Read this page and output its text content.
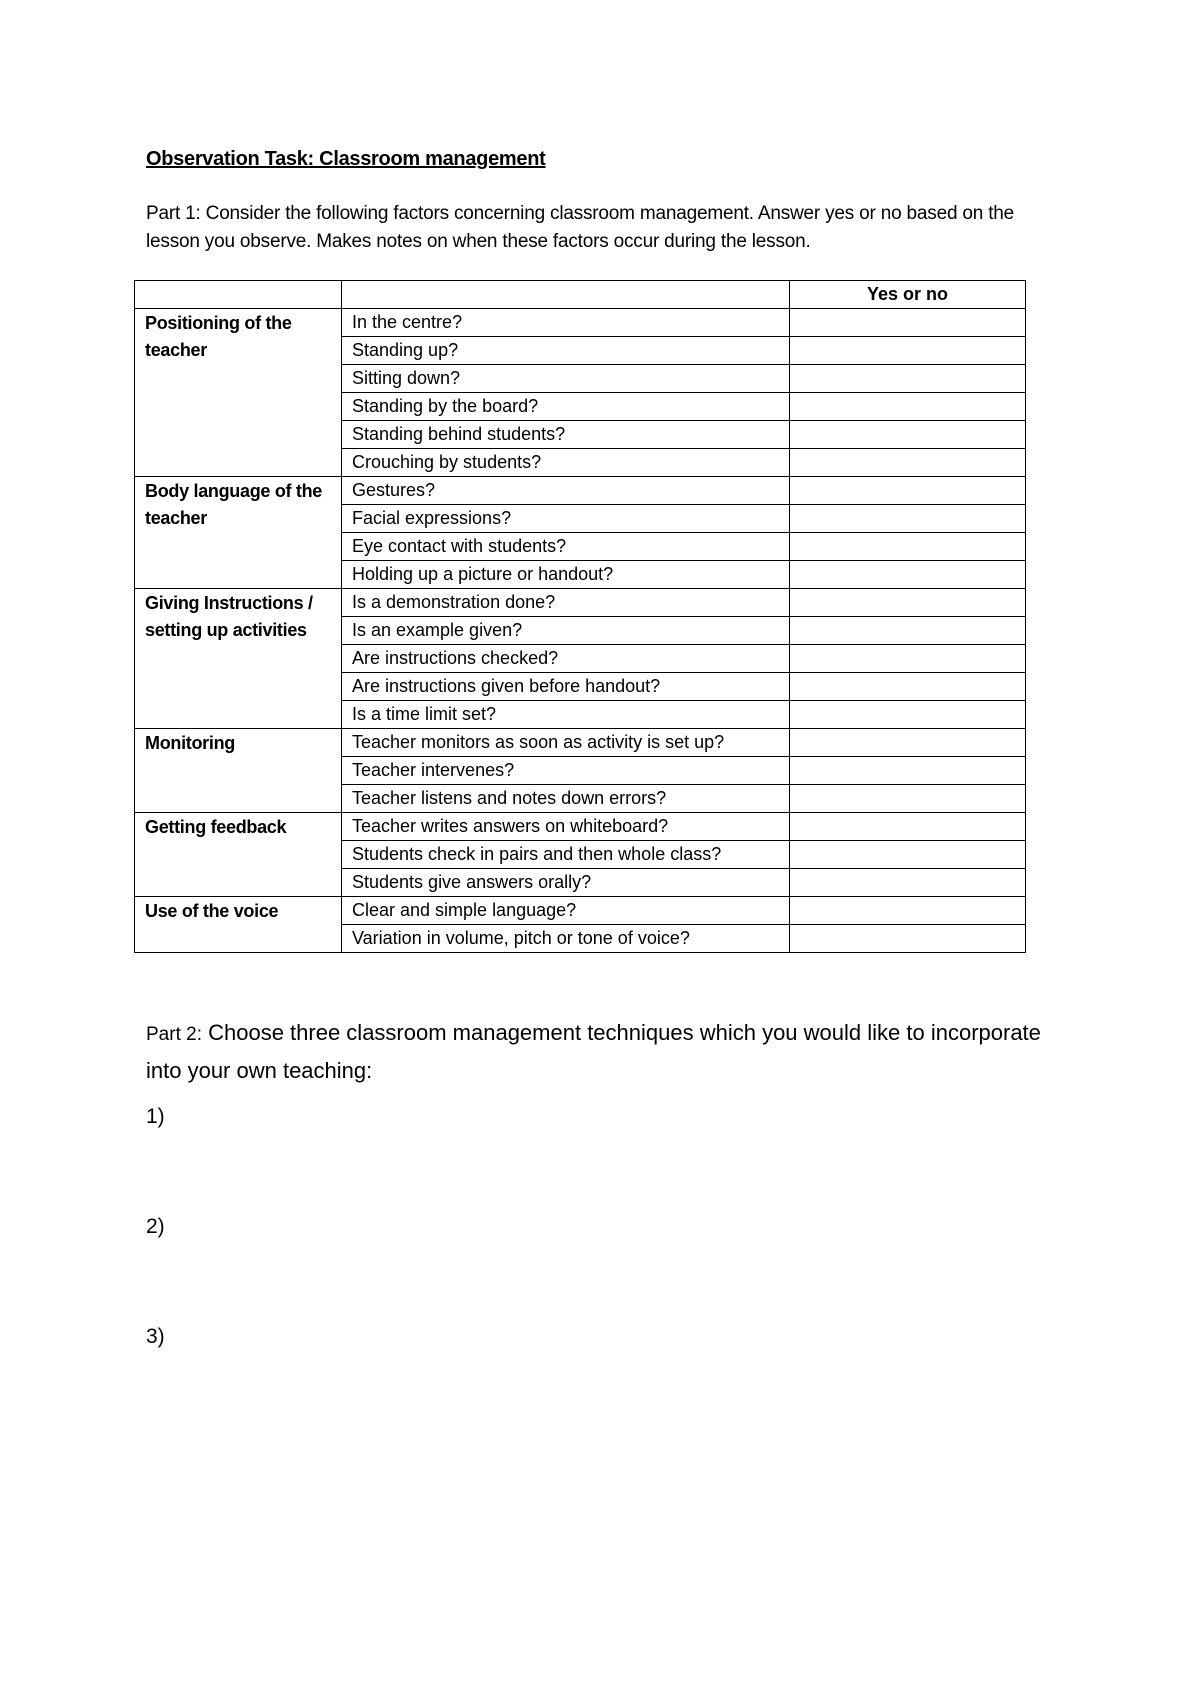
Observation Task: Classroom management
Part 1: Consider the following factors concerning classroom management. Answer yes or no based on the lesson you observe. Makes notes on when these factors occur during the lesson.
		Yes or no
Positioning of the teacher	In the centre?	
	Standing up?	
	Sitting down?	
	Standing by the board?	
	Standing behind students?	
	Crouching by students?	
Body language of the teacher	Gestures?	
	Facial expressions?	
	Eye contact with students?	
	Holding up a picture or handout?	
Giving Instructions / setting up activities	Is a demonstration done?	
	Is an example given?	
	Are instructions checked?	
	Are instructions given before handout?	
	Is a time limit set?	
Monitoring	Teacher monitors as soon as activity is set up?	
	Teacher intervenes?	
	Teacher listens and notes down errors?	
Getting feedback	Teacher writes answers on whiteboard?	
	Students check in pairs and then whole class?	
	Students give answers orally?	
Use of the voice	Clear and simple language?	
	Variation in volume, pitch or tone of voice?	
Part 2: Choose three classroom management techniques which you would like to incorporate into your own teaching:
1)
2)
3)
